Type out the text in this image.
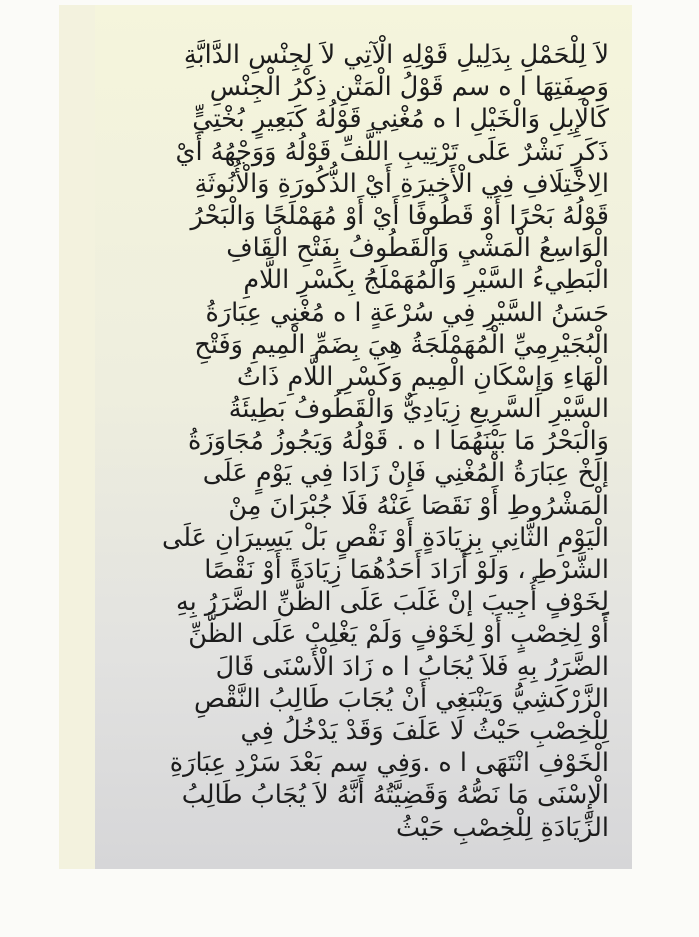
لاَ لِلْحَمْلِ بِدَلِيلِ قَوْلِهِ الْآتِي لاَ لِجِنْسِ الدَّابَّةِ
وَصِفَتِهَا ا ه سم قَوْلُ الْمَتْنِ ذِكْرُ الْجِنْسِ
كَالْإِبِلِ وَالْخَيْلِ ا ه مُغْنِي قَوْلُهُ كَبَعِيرٍ بُخْتِيٍّ
ذَكَرٍ نَشْرٌ عَلَى تَرْتِيبِ اللَّفِّ قَوْلُهُ وَوَجْهُهُ أَيْ
الِاخْتِلَافِ فِي الْأَخِيرَةِ أَيْ الذُّكُورَةِ وَالْأُنُوثَةِ
قَوْلُهُ بَحْرًا أَوْ قَطُوفًا أَيْ أَوْ مُهَمْلَجًا وَالْبَحْرُ
الْوَاسِعُ الْمَشْيِ وَالْقَطُوفُ بِفَتْحِ الْقَافِ
الْبَطِيءُ السَّيْرِ وَالْمُهَمْلَجُ بِكَسْرِ اللَّامِ
حَسَنُ السَّيْرِ فِي سُرْعَةٍ ا ه مُغْنِي عِبَارَةُ
الْبُجَيْرِمِيِّ الْمُهَمْلَجَةُ هِيَ بِضَمِّ الْمِيمِ وَفَتْحِ
الْهَاءِ وَإِسْكَانِ الْمِيمِ وَكَسْرِ اللَّامِ ذَاتُ
السَّيْرِ السَّرِيعِ زِيَادِيٌّ وَالْقَطُوفُ بَطِيئَةُ
وَالْبَحْرُ مَا بَيْنَهُمَا ا ه . قَوْلُهُ وَيَجُوزُ مُجَاوَزَةُ
إلَخْ عِبَارَةُ الْمُغْنِي فَإِنْ زَادَا فِي يَوْمٍ عَلَى
الْمَشْرُوطِ أَوْ نَقَصَا عَنْهُ فَلَا جُبْرَانَ مِنْ
الْيَوْمِ الثَّانِي بِزِيَادَةٍ أَوْ نَقْصٍ بَلْ يَسِيرَانِ عَلَى
الشَّرْطِ ، وَلَوْ أَرَادَ أَحَدُهُمَا زِيَادَةً أَوْ نَقْصًا
لِخَوْفٍ أُجِيبَ إنْ غَلَبَ عَلَى الظَّنِّ الضَّرَرُ بِهِ
أَوْ لِخِصْبٍ أَوْ لِخَوْفٍ وَلَمْ يَغْلِبْ عَلَى الظَّنِّ
الضَّرَرُ بِهِ فَلاَ يُجَابُ ا ه زَادَ الْأَسْنَى قَالَ
الزَّرْكَشِيُّ وَيَنْبَغِي أَنْ يُجَابَ طَالِبُ النَّقْصِ
لِلْخِصْبِ حَيْثُ لَا عَلَفَ وَقَدْ يَدْخُلُ فِي
الْخَوْفِ انْتَهَى ا ه .وَفِي سم بَعْدَ سَرْدِ عِبَارَةِ
الْإِسْنَى مَا نَصُّهُ وَقَضِيَّتُهُ أَنَّهُ لاَ يُجَابُ طَالِبُ
الزِّيَادَةِ لِلْخِصْبِ حَيْثُ
